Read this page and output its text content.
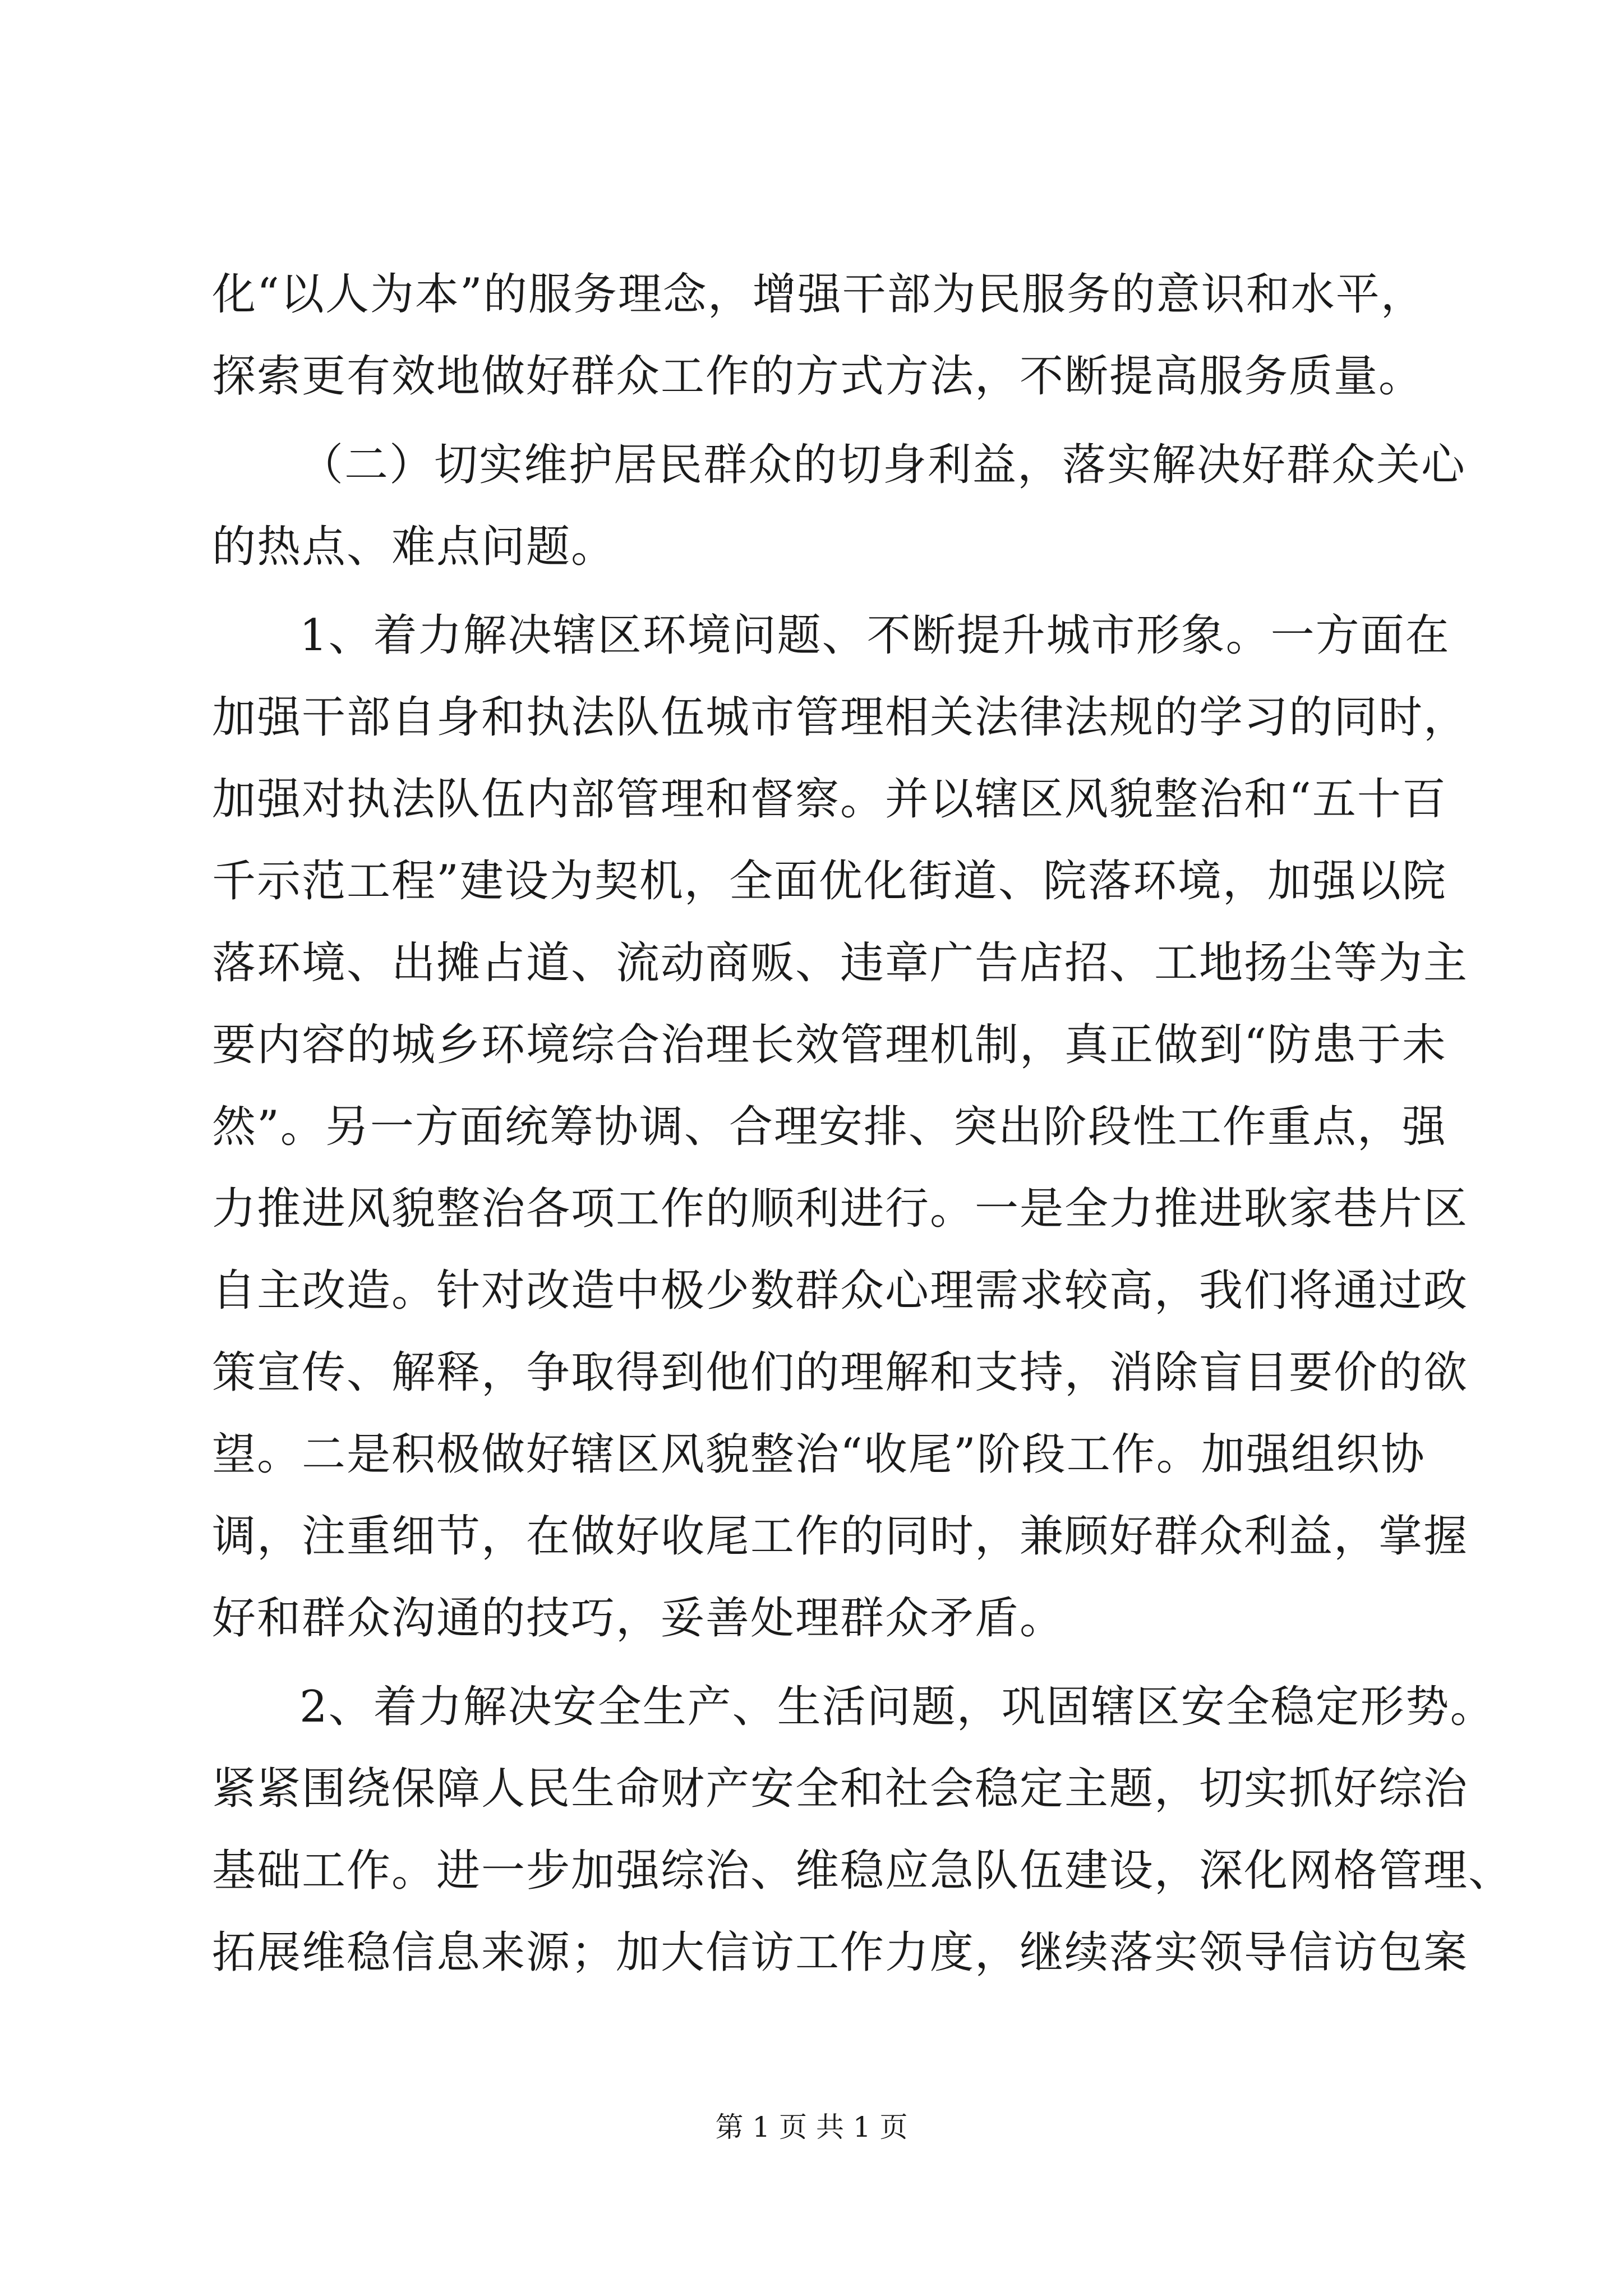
化“以人为本”的服务理念，增强干部为民服务的意识和水平，
探索更有效地做好群众工作的方式方法，不断提高服务质量。
（二）切实维护居民群众的切身利益，落实解决好群众关心
的热点、难点问题。
1、着力解决辖区环境问题、不断提升城市形象。一方面在
加强干部自身和执法队伍城市管理相关法律法规的学习的同时，
加强对执法队伍内部管理和督察。并以辖区风貌整治和“五十百
千示范工程”建设为契机，全面优化街道、院落环境，加强以院
落环境、出摊占道、流动商贩、违章广告店招、工地扬尘等为主
要内容的城乡环境综合治理长效管理机制，真正做到“防患于未
然”。另一方面统筹协调、合理安排、突出阶段性工作重点，强
力推进风貌整治各项工作的顺利进行。一是全力推进耿家巷片区
自主改造。针对改造中极少数群众心理需求较高，我们将通过政
策宣传、解释，争取得到他们的理解和支持，消除盲目要价的欲
望。二是积极做好辖区风貌整治“收尾”阶段工作。加强组织协
调，注重细节，在做好收尾工作的同时，兼顾好群众利益，掌握
好和群众沟通的技巧，妥善处理群众矛盾。
2、着力解决安全生产、生活问题，巩固辖区安全稳定形势。
紧紧围绕保障人民生命财产安全和社会稳定主题，切实抓好综治
基础工作。进一步加强综治、维稳应急队伍建设，深化网格管理、
拓展维稳信息来源；加大信访工作力度，继续落实领导信访包案
第 1 页 共 1 页
